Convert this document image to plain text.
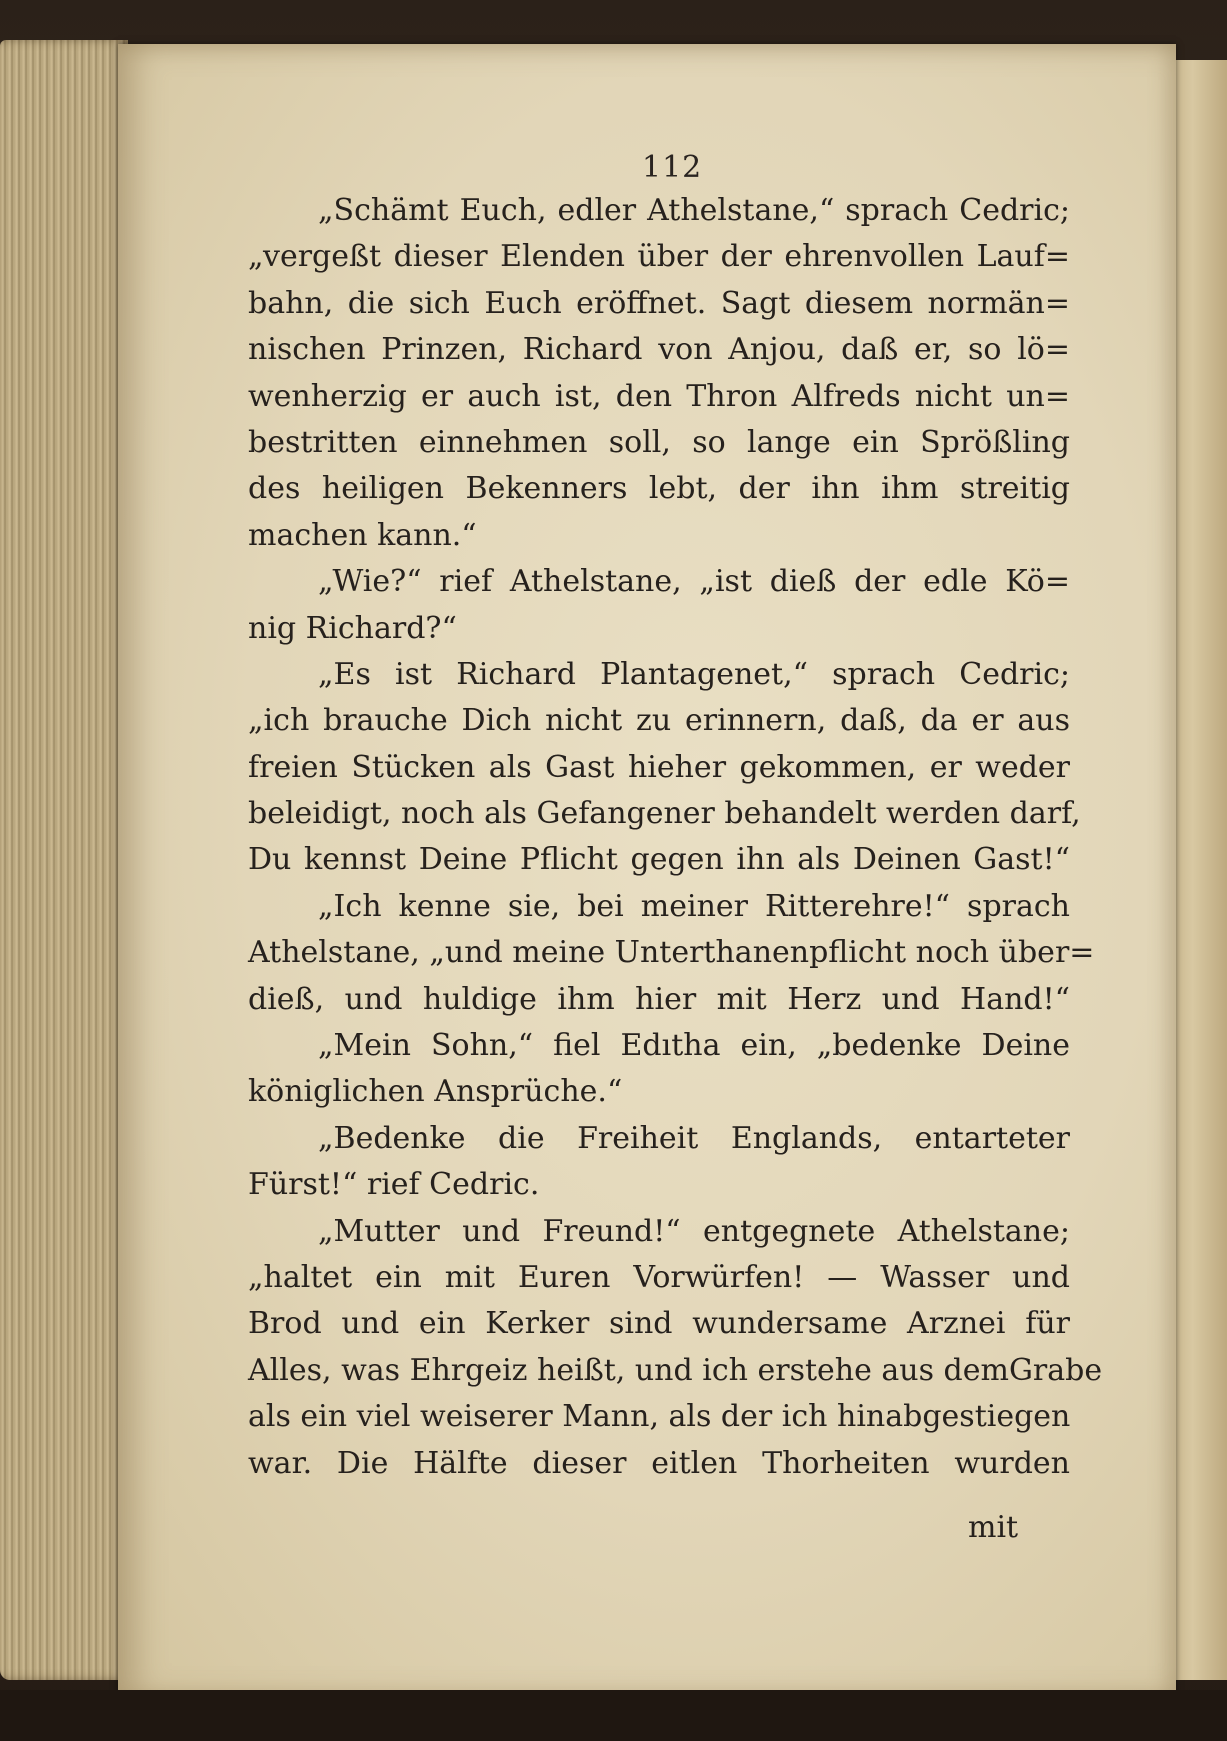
112
„Schämt Euch, edler Athelstane,“ sprach Cedric;
„vergeßt dieser Elenden über der ehrenvollen Lauf=
bahn, die sich Euch eröffnet. Sagt diesem normän=
nischen Prinzen, Richard von Anjou, daß er, so lö=
wenherzig er auch ist, den Thron Alfreds nicht un=
bestritten einnehmen soll, so lange ein Sprößling
des heiligen Bekenners lebt, der ihn ihm streitig
machen kann.“
„Wie?“ rief Athelstane, „ist dieß der edle Kö=
nig Richard?“
„Es ist Richard Plantagenet,“ sprach Cedric;
„ich brauche Dich nicht zu erinnern, daß, da er aus
freien Stücken als Gast hieher gekommen, er weder
beleidigt, noch als Gefangener behandelt werden darf,
Du kennst Deine Pflicht gegen ihn als Deinen Gast!“
„Ich kenne sie, bei meiner Ritterehre!“ sprach
Athelstane, „und meine Unterthanenpflicht noch über=
dieß, und huldige ihm hier mit Herz und Hand!“
„Mein Sohn,“ fiel Edıtha ein, „bedenke Deine
königlichen Ansprüche.“
„Bedenke die Freiheit Englands, entarteter
Fürst!“ rief Cedric.
„Mutter und Freund!“ entgegnete Athelstane;
„haltet ein mit Euren Vorwürfen! — Wasser und
Brod und ein Kerker sind wundersame Arznei für
Alles, was Ehrgeiz heißt, und ich erstehe aus demGrabe
als ein viel weiserer Mann, als der ich hinabgestiegen
war. Die Hälfte dieser eitlen Thorheiten wurden
mit
